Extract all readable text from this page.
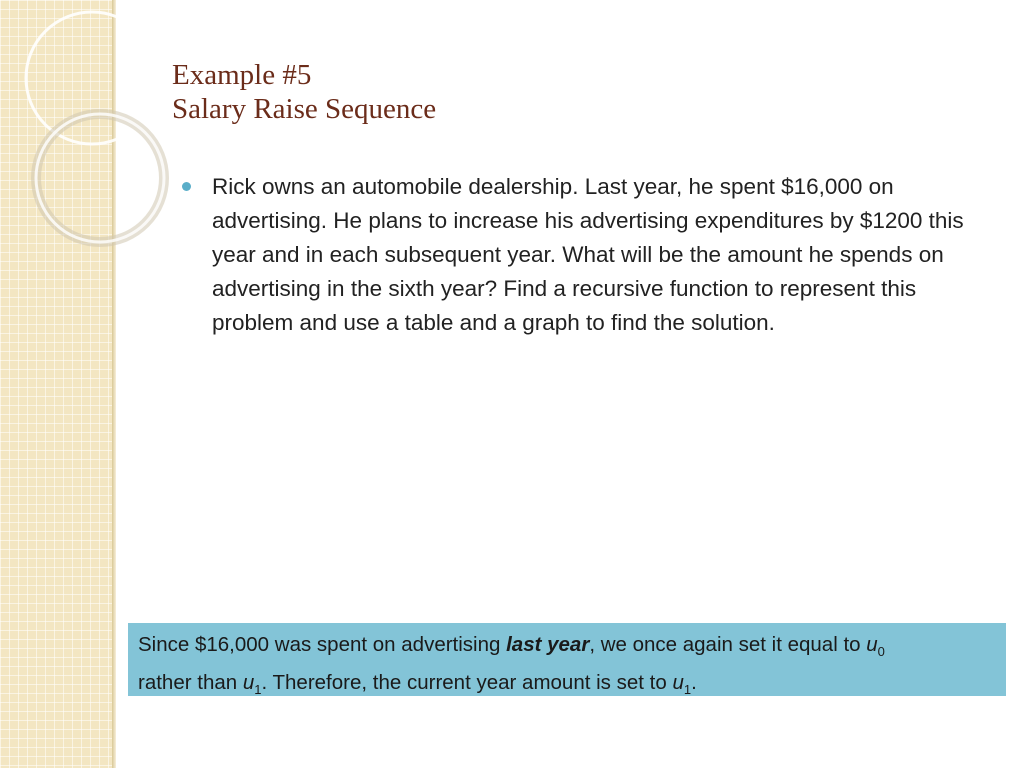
Example #5
Salary Raise Sequence
Rick owns an automobile dealership. Last year, he spent $16,000 on advertising. He plans to increase his advertising expenditures by $1200 this year and in each subsequent year. What will be the amount he spends on advertising in the sixth year? Find a recursive function to represent this problem and use a table and a graph to find the solution.
Since $16,000 was spent on advertising last year, we once again set it equal to $u_0$
rather than $u_1$. Therefore, the current year amount is set to $u_1$.
